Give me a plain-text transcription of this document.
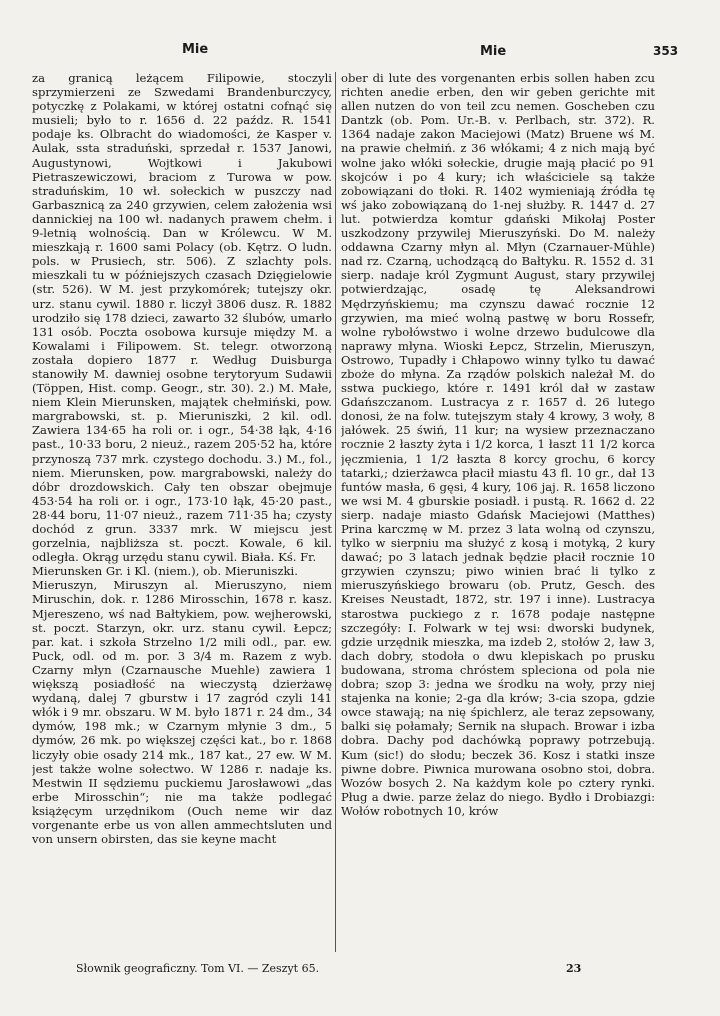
Mie	Mie	353
za granicą leżącem Filipowie, stoczyli sprzymierzeni ze Szwedami Brandenburczycy, potyczkę z Polakami, w której ostatni cofnąć się musieli; było to r. 1656 d. 22 paźdz. R. 1541 podaje ks. Olbracht do wiadomości, że Kasper v. Aulak, ssta straduński, sprzedał r. 1537 Janowi, Augustynowi, Wojtkowi i Jakubowi Pietraszewiczowi, braciom z Turowa w pow. straduńskim, 10 wł. sołeckich w puszczy nad Garbasznicą za 240 grzywien, celem założenia wsi dannickiej na 100 wł. nadanych prawem chełm. i 9-letnią wolnością. Dan w Królewcu. W M. mieszkają r. 1600 sami Polacy (ob. Kętrz. O ludn. pols. w Prusiech, str. 506). Z szlachty pols. mieszkali tu w późniejszych czasach Dzięgielowie (str. 526). W M. jest przykomórek; tutejszy okr. urz. stanu cywil. 1880 r. liczył 3806 dusz. R. 1882 urodziło się 178 dzieci, zawarto 32 ślubów, umarło 131 osób. Poczta osobowa kursuje między M. a Kowalami i Filipowem. St. telegr. otworzoną została dopiero 1877 r. Według Duisburga stanowiły M. dawniej osobne terytoryum Sudawii (Töppen, Hist. comp. Geogr., str. 30). 2.) M. Małe, niem Klein Mierunsken, majątek chełmiński, pow. margrabowski, st. p. Mieruniszki, 2 kil. odl. Zawiera 134·65 ha roli or. i ogr., 54·38 łąk, 4·16 past., 10·33 boru, 2 nieuż., razem 205·52 ha, które przynoszą 737 mrk. czystego dochodu. 3.) M., fol., niem. Mierunsken, pow. margrabowski, należy do dóbr drozdowskich. Cały ten obszar obejmuje 453·54 ha roli or. i ogr., 173·10 łąk, 45·20 past., 28·44 boru, 11·07 nieuż., razem 711·35 ha; czysty dochód z grun. 3337 mrk. W miejscu jest gorzelnia, najbliższa st. poczt. Kowale, 6 kil. odległa. Okrąg urzędu stanu cywil. Biała. Kś. Fr.
Mierunsken Gr. i Kl. (niem.), ob. Mieruniszki.
Mieruszyn, Miruszyn al. Mieruszyno, niem Miruschin, dok. r. 1286 Mirosschin, 1678 r. kasz. Mjereszeno, wś nad Bałtykiem, pow. wejherowski, st. poczt. Starzyn, okr. urz. stanu cywil. Łepcz; par. kat. i szkoła Strzelno 1/2 mili odl., par. ew. Puck, odl. od m. por. 3 3/4 m. Razem z wyb. Czarny młyn (Czarnausche Muehle) zawiera 1 większą posiadłość na wieczystą dzierżawę wydaną, dalej 7 gburstw i 17 zagród czyli 141 włók i 9 mr. obszaru. W M. było 1871 r. 24 dm., 34 dymów, 198 mk.; w Czarnym młynie 3 dm., 5 dymów, 26 mk. po większej części kat., bo r. 1868 liczyły obie osady 214 mk., 187 kat., 27 ew. W M. jest także wolne sołectwo. W 1286 r. nadaje ks. Mestwin II sędziemu puckiemu Jarosławowi „das erbe Mirosschin“; nie ma także podlegać książęcym urzędnikom (Ouch neme wir daz vorgenante erbe us von allen ammechtsluten und von unsern obirsten, das sie keyne macht
ober di lute des vorgenanten erbis sollen haben zcu richten anedie erben, den wir geben gerichte mit allen nutzen do von teil zcu nemen. Goscheben czu Dantzk (ob. Pom. Ur.-B. v. Perlbach, str. 372). R. 1364 nadaje zakon Maciejowi (Matz) Bruene wś M. na prawie chełmiń. z 36 włókami; 4 z nich mają być wolne jako włóki sołeckie, drugie mają płacić po 91 skojców i po 4 kury; ich właściciele są także zobowiązani do tłoki. R. 1402 wymieniają źródła tę wś jako zobowiązaną do 1-nej służby. R. 1447 d. 27 lut. potwierdza komtur gdański Mikołaj Poster uszkodzony przywilej Mieruszyński. Do M. należy oddawna Czarny młyn al. Młyn (Czarnauer-Mühle) nad rz. Czarną, uchodzącą do Bałtyku. R. 1552 d. 31 sierp. nadaje król Zygmunt August, stary przywilej potwierdzając, osadę tę Aleksandrowi Mędrzyńskiemu; ma czynszu dawać rocznie 12 grzywien, ma mieć wolną pastwę w boru Rossefr, wolne rybołówstwo i wolne drzewo budulcowe dla naprawy młyna. Wioski Łepcz, Strzelin, Mieruszyn, Ostrowo, Tupadły i Chłapowo winny tylko tu dawać zboże do młyna. Za rządów polskich należał M. do sstwa puckiego, które r. 1491 król dał w zastaw Gdańszczanom. Lustracya z r. 1657 d. 26 lutego donosi, że na folw. tutejszym stały 4 krowy, 3 woły, 8 jałówek. 25 świń, 11 kur; na wysiew przeznaczano rocznie 2 łaszty żyta i 1/2 korca, 1 łaszt 11 1/2 korca jęczmienia, 1 1/2 łaszta 8 korcy grochu, 6 korcy tatarki,; dzierżawca płacił miastu 43 fl. 10 gr., dał 13 funtów masła, 6 gęsi, 4 kury, 106 jaj. R. 1658 liczono we wsi M. 4 gburskie posiadł. i pustą. R. 1662 d. 22 sierp. nadaje miasto Gdańsk Maciejowi (Matthes) Prina karczmę w M. przez 3 lata wolną od czynszu, tylko w sierpniu ma służyć z kosą i motyką, 2 kury dawać; po 3 latach jednak będzie płacił rocznie 10 grzywien czynszu; piwo winien brać li tylko z mieruszyńskiego browaru (ob. Prutz, Gesch. des Kreises Neustadt, 1872, str. 197 i inne). Lustracya starostwa puckiego z r. 1678 podaje następne szczegóły: I. Folwark w tej wsi: dworski budynek, gdzie urzędnik mieszka, ma izdeb 2, stołów 2, ław 3, dach dobry, stodoła o dwu klepiskach po prusku budowana, stroma chróstem spleciona od pola nie dobra; szop 3: jedna we środku na woły, przy niej stajenka na konie; 2-ga dla krów; 3-cia szopa, gdzie owce stawają; na nię śpichlerz, ale teraz zepsowany, balki się połamały; Sernik na słupach. Browar i izba dobra. Dachy pod dachówką poprawy potrzebują. Kum (sic!) do słodu; beczek 36. Kosz i statki insze piwne dobre. Piwnica murowana osobno stoi, dobra. Wozów bosych 2. Na każdym kole po cztery rynki. Pług a dwie. parze żelaz do niego. Bydło i Drobiazgi: Wołów robotnych 10, krów
Słownik geograficzny. Tom VI. — Zeszyt 65.	23
